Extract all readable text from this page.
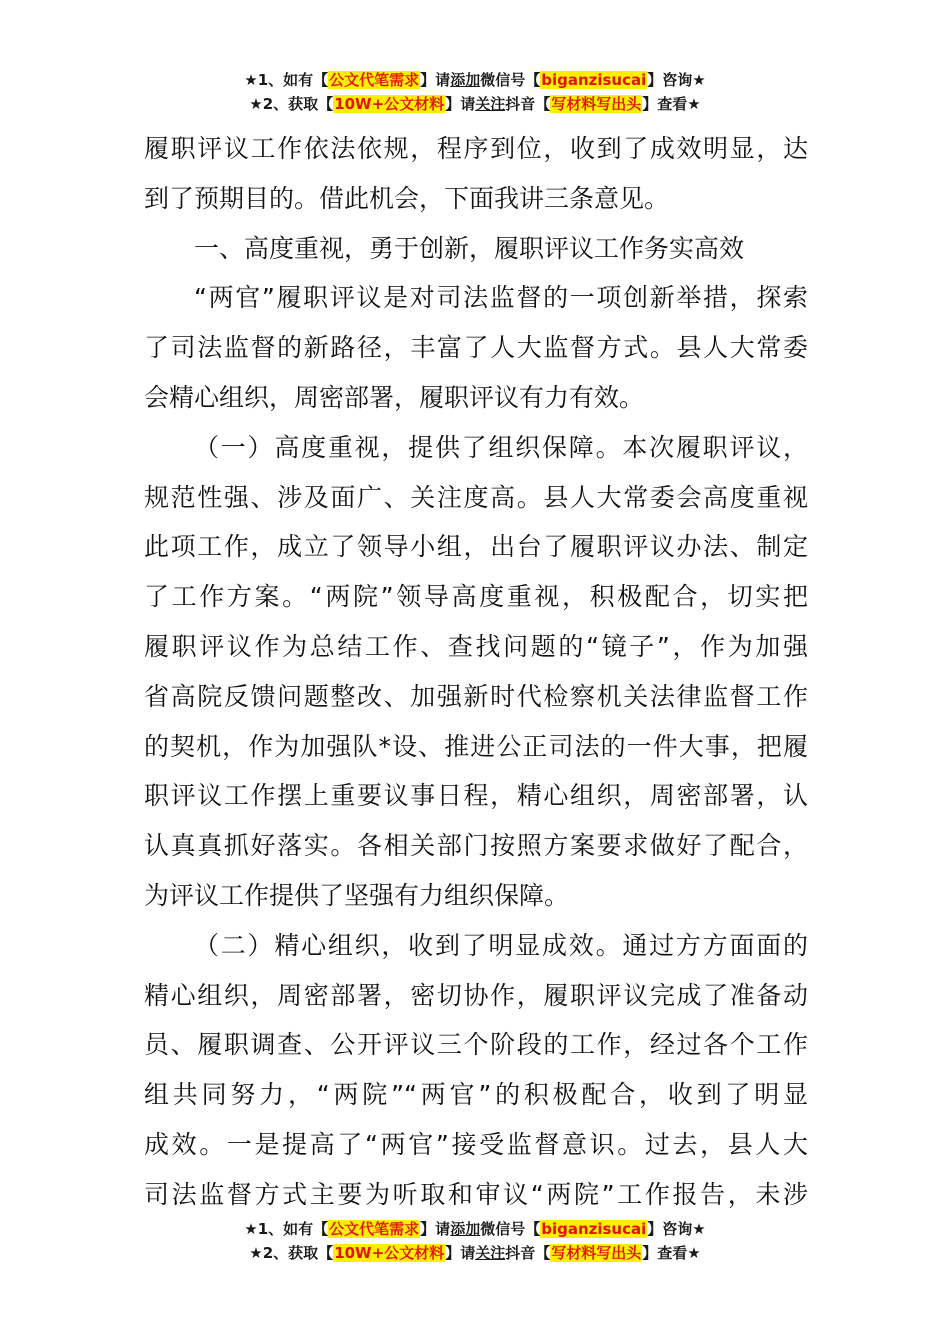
★1、如有【公文代笔需求】请添加微信号【biganzisucai】咨询★
★2、获取【10W+公文材料】请关注抖音【写材料写出头】查看★
履职评议工作依法依规，程序到位，收到了成效明显，达
到了预期目的。借此机会，下面我讲三条意见。
一、高度重视，勇于创新，履职评议工作务实高效
“两官”履职评议是对司法监督的一项创新举措，探索
了司法监督的新路径，丰富了人大监督方式。县人大常委
会精心组织，周密部署，履职评议有力有效。
（一）高度重视，提供了组织保障。本次履职评议，
规范性强、涉及面广、关注度高。县人大常委会高度重视
此项工作，成立了领导小组，出台了履职评议办法、制定
了工作方案。“两院”领导高度重视，积极配合，切实把
履职评议作为总结工作、查找问题的“镜子”，作为加强
省高院反馈问题整改、加强新时代检察机关法律监督工作
的契机，作为加强队*设、推进公正司法的一件大事，把履
职评议工作摆上重要议事日程，精心组织，周密部署，认
认真真抓好落实。各相关部门按照方案要求做好了配合，
为评议工作提供了坚强有力组织保障。
（二）精心组织，收到了明显成效。通过方方面面的
精心组织，周密部署，密切协作，履职评议完成了准备动
员、履职调查、公开评议三个阶段的工作，经过各个工作
组共同努力，“两院”“两官”的积极配合，收到了明显
成效。一是提高了“两官”接受监督意识。过去，县人大
司法监督方式主要为听取和审议“两院”工作报告，未涉
★1、如有【公文代笔需求】请添加微信号【biganzisucai】咨询★
★2、获取【10W+公文材料】请关注抖音【写材料写出头】查看★
